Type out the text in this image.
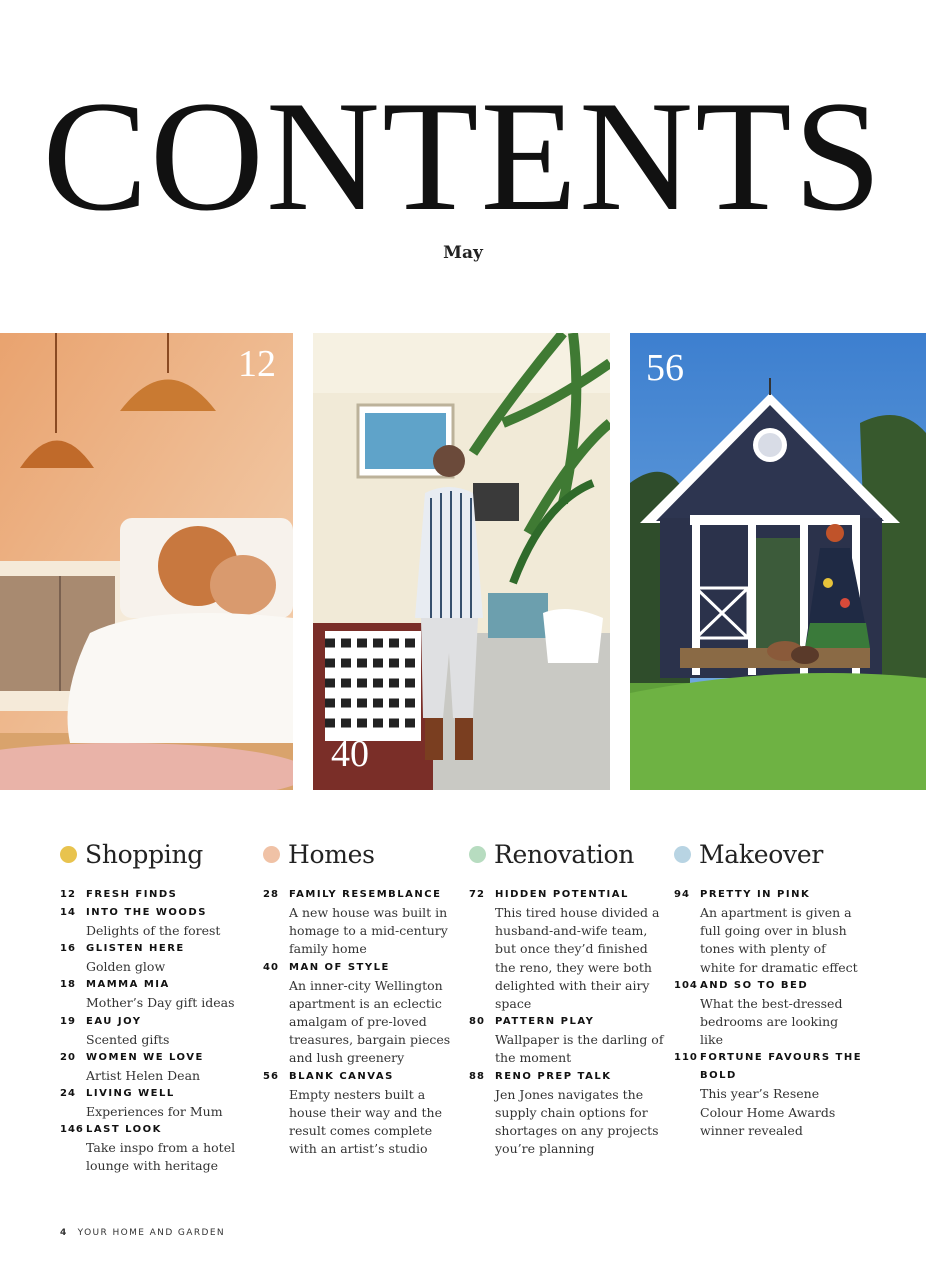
CONTENTS
May
12
40
56
Shopping
12	FRESH FINDS
14	INTO THE WOODS
Delights of the forest
16	GLISTEN HERE
Golden glow
18	MAMMA MIA
Mother’s Day gift ideas
19	EAU JOY
Scented gifts
20	WOMEN WE LOVE
Artist Helen Dean
24	LIVING WELL
Experiences for Mum
146 LAST LOOK
Take inspo from a hotel lounge with heritage
Homes
28	FAMILY RESEMBLANCE
A new house was built in homage to a mid-century family home
40	MAN OF STYLE
An inner-city Wellington apartment is an eclectic amalgam of pre-loved treasures, bargain pieces and lush greenery
56	BLANK CANVAS
Empty nesters built a house their way and the result comes complete with an artist’s studio
Renovation
72	HIDDEN POTENTIAL
This tired house divided a husband-and-wife team, but once they’d finished the reno, they were both delighted with their airy space
80	PATTERN PLAY
Wallpaper is the darling of the moment
88	RENO PREP TALK
Jen Jones navigates the supply chain options for shortages on any projects you’re planning
Makeover
94	PRETTY IN PINK
An apartment is given a full going over in blush tones with plenty of white for dramatic effect
104 AND SO TO BED
What the best-dressed bedrooms are looking like
110 FORTUNE FAVOURS THE BOLD
This year’s Resene Colour Home Awards winner revealed
4 YOUR HOME AND GARDEN
